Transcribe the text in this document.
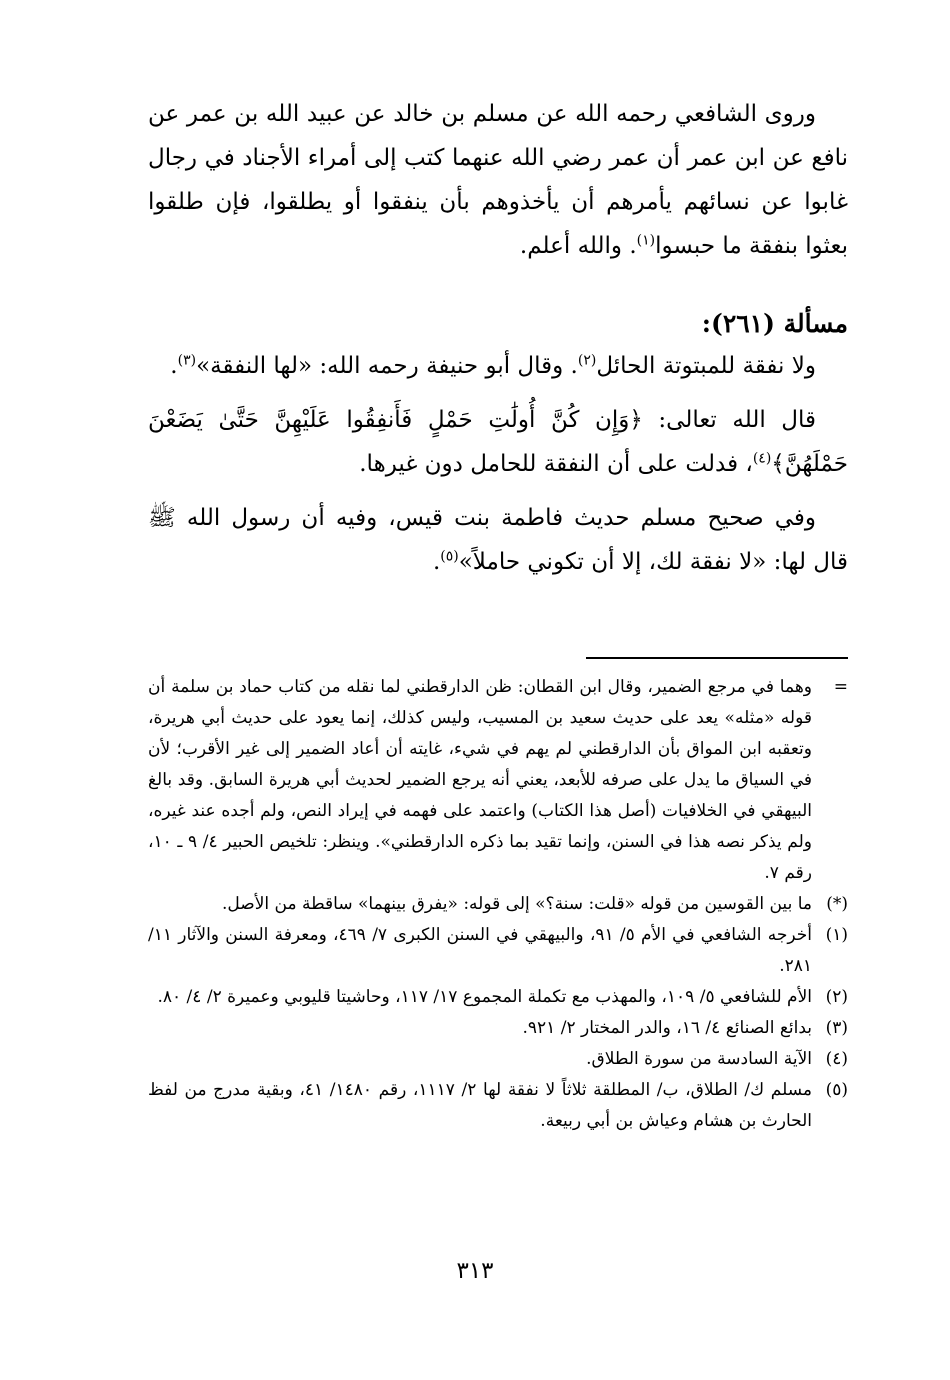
وروى الشافعي رحمه الله عن مسلم بن خالد عن عبيد الله بن عمر عن نافع عن ابن عمر أن عمر رضي الله عنهما كتب إلى أمراء الأجناد في رجال غابوا عن نسائهم يأمرهم أن يأخذوهم بأن ينفقوا أو يطلقوا، فإن طلقوا بعثوا بنفقة ما حبسوا$^{(١)}$. والله أعلم.

مسألة (٢٦١):

ولا نفقة للمبتوتة الحائل$^{(٢)}$. وقال أبو حنيفة رحمه الله: «لها النفقة»$^{(٣)}$.

قال الله تعالى: ﴿وَإِن كُنَّ أُولَٰتِ حَمْلٍ فَأَنفِقُوا عَلَيْهِنَّ حَتَّىٰ يَضَعْنَ حَمْلَهُنَّ﴾$^{(٤)}$، فدلت على أن النفقة للحامل دون غيرها.

وفي صحيح مسلم حديث فاطمة بنت قيس، وفيه أن رسول الله ﷺ قال لها: «لا نفقة لك، إلا أن تكوني حاملاً»$^{(٥)}$.

=
وهما في مرجع الضمير، وقال ابن القطان: ظن الدارقطني لما نقله من كتاب حماد بن سلمة أن قوله «مثله» يعد على حديث سعيد بن المسيب، وليس كذلك، إنما يعود على حديث أبي هريرة، وتعقبه ابن المواق بأن الدارقطني لم يهم في شيء، غايته أن أعاد الضمير إلى غير الأقرب؛ لأن في السياق ما يدل على صرفه للأبعد، يعني أنه يرجع الضمير لحديث أبي هريرة السابق. وقد بالغ البيهقي في الخلافيات (أصل هذا الكتاب) واعتمد على فهمه في إيراد النص، ولم أجده عند غيره، ولم يذكر نصه هذا في السنن، وإنما تقيد بما ذكره الدارقطني». وينظر: تلخيص الحبير ٤/ ٩ ـ ١٠، رقم ٧.
(*)
ما بين القوسين من قوله «قلت: سنة؟» إلى قوله: «يفرق بينهما» ساقطة من الأصل.
(١)
أخرجه الشافعي في الأم ٥/ ٩١، والبيهقي في السنن الكبرى ٧/ ٤٦٩، ومعرفة السنن والآثار ١١/ ٢٨١.
(٢)
الأم للشافعي ٥/ ١٠٩، والمهذب مع تكملة المجموع ١٧/ ١١٧، وحاشيتا قليوبي وعميرة ٢/ ٤/ ٨٠.
(٣)
بدائع الصنائع ٤/ ١٦، والدر المختار ٢/ ٩٢١.
(٤)
الآية السادسة من سورة الطلاق.
(٥)
مسلم ك/ الطلاق، ب/ المطلقة ثلاثاً لا نفقة لها ٢/ ١١١٧، رقم ١٤٨٠/ ٤١، وبقية مدرج من لفظ الحارث بن هشام وعياش بن أبي ربيعة.
٣١٣
